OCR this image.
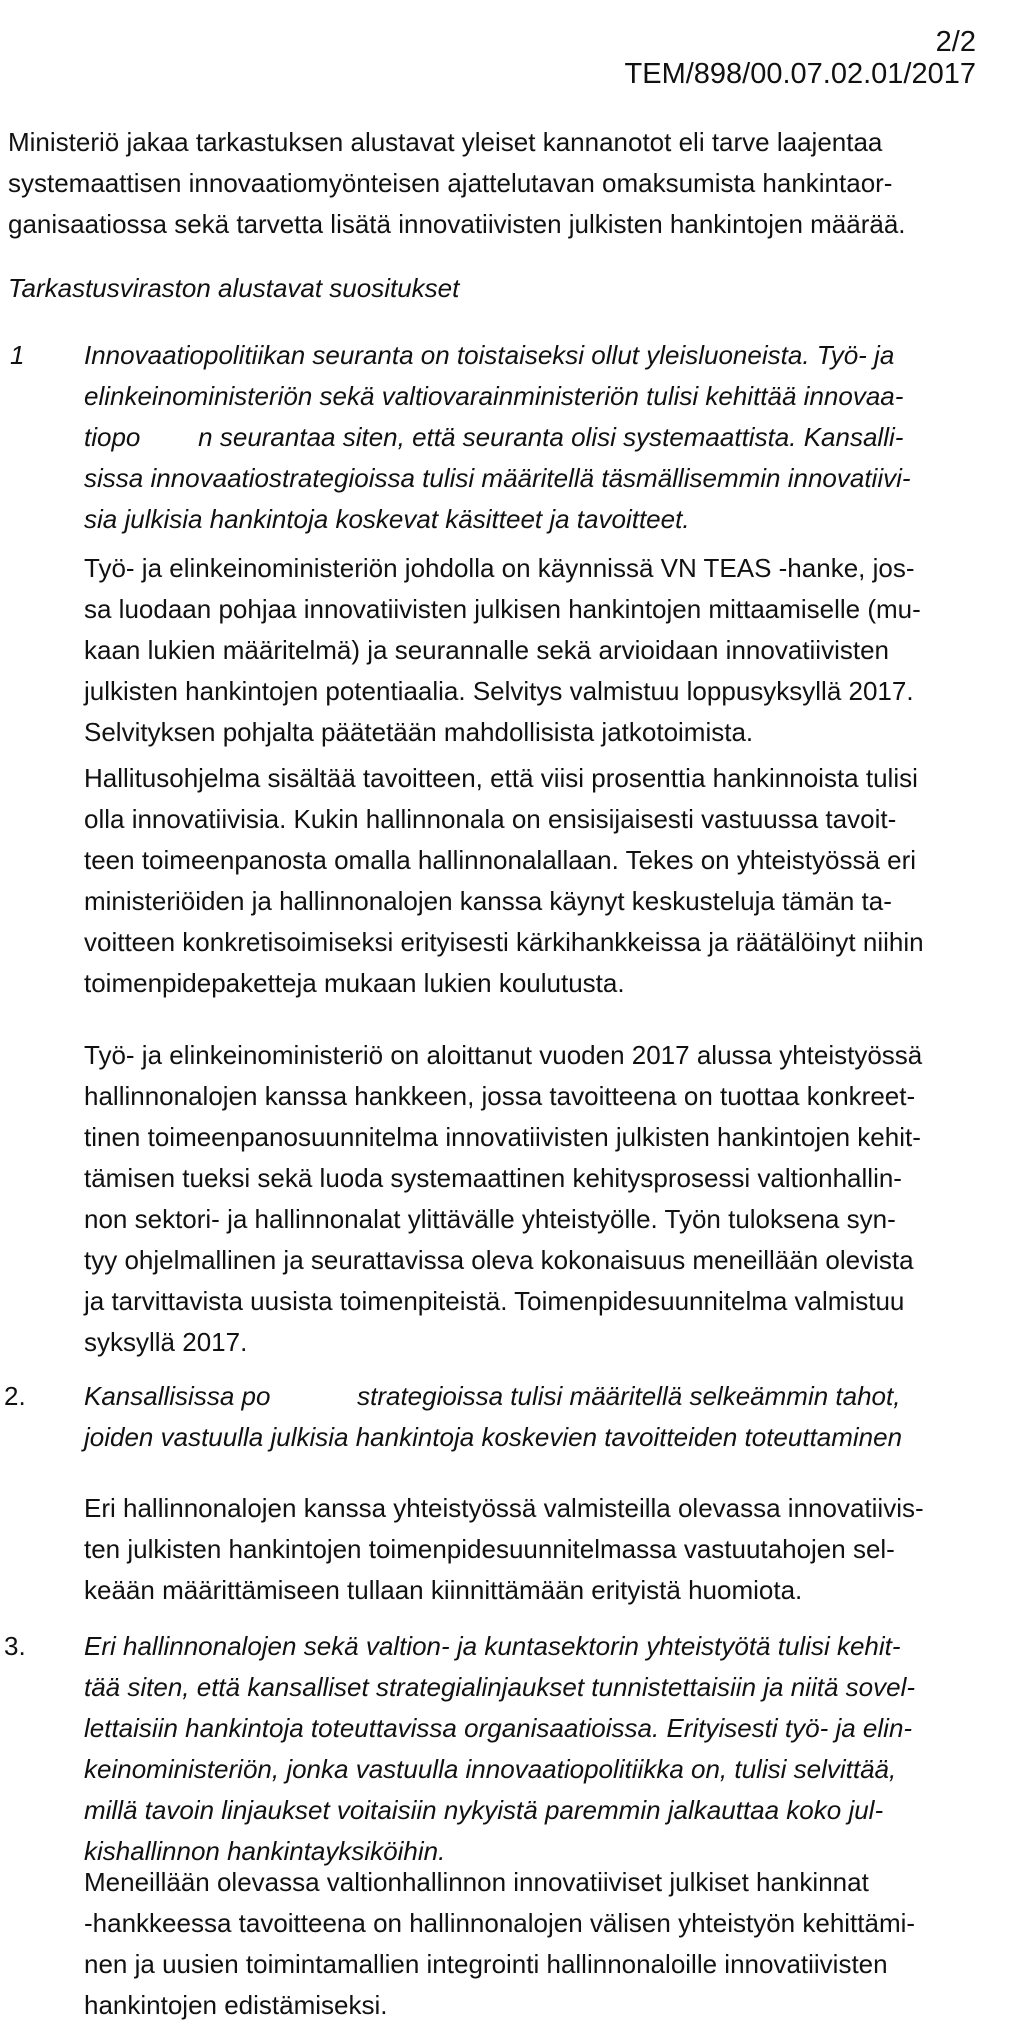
2/2
TEM/898/00.07.02.01/2017
Ministeriö jakaa tarkastuksen alustavat yleiset kannanotot eli tarve laajentaa
systemaattisen innovaatiomyönteisen ajattelutavan omaksumista hankintaor-
ganisaatiossa sekä tarvetta lisätä innovatiivisten julkisten hankintojen määrää.
Tarkastusviraston alustavat suositukset
1 Innovaatiopolitiikan seuranta on toistaiseksi ollut yleisluoneista. Työ- ja
elinkeinoministeriön sekä valtiovarainministeriön tulisi kehittää innovaa-
tiopo        n seurantaa siten, että seuranta olisi systemaattista. Kansalli-
sissa innovaatiostrategioissa tulisi määritellä täsmällisemmin innovatiivi-
sia julkisia hankintoja koskevat käsitteet ja tavoitteet.
Työ- ja elinkeinoministeriön johdolla on käynnissä VN TEAS -hanke, jos-
sa luodaan pohjaa innovatiivisten julkisen hankintojen mittaamiselle (mu-
kaan lukien määritelmä) ja seurannalle sekä arvioidaan innovatiivisten
julkisten hankintojen potentiaalia. Selvitys valmistuu loppusyksyllä 2017.
Selvityksen pohjalta päätetään mahdollisista jatkotoimista.
Hallitusohjelma sisältää tavoitteen, että viisi prosenttia hankinnoista tulisi
olla innovatiivisia. Kukin hallinnonala on ensisijaisesti vastuussa tavoit-
teen toimeenpanosta omalla hallinnonalallaan. Tekes on yhteistyössä eri
ministeriöiden ja hallinnonalojen kanssa käynyt keskusteluja tämän ta-
voitteen konkretisoimiseksi erityisesti kärkihankkeissa ja räätälöinyt niihin
toimenpidepaketteja mukaan lukien koulutusta.
Työ- ja elinkeinoministeriö on aloittanut vuoden 2017 alussa yhteistyössä
hallinnonalojen kanssa hankkeen, jossa tavoitteena on tuottaa konkreet-
tinen toimeenpanosuunnitelma innovatiivisten julkisten hankintojen kehit-
tämisen tueksi sekä luoda systemaattinen kehitysprosessi valtionhallin-
non sektori- ja hallinnonalat ylittävälle yhteistyölle. Työn tuloksena syn-
tyy ohjelmallinen ja seurattavissa oleva kokonaisuus meneillään olevista
ja tarvittavista uusista toimenpiteistä. Toimenpidesuunnitelma valmistuu
syksyllä 2017.
2. Kansallisissa po            strategioissa tulisi määritellä selkeämmin tahot,
joiden vastuulla julkisia hankintoja koskevien tavoitteiden toteuttaminen
Eri hallinnonalojen kanssa yhteistyössä valmisteilla olevassa innovatiivis-
ten julkisten hankintojen toimenpidesuunnitelmassa vastuutahojen sel-
keään määrittämiseen tullaan kiinnittämään erityistä huomiota.
3. Eri hallinnonalojen sekä valtion- ja kuntasektorin yhteistyötä tulisi kehit-
tää siten, että kansalliset strategialinjaukset tunnistettaisiin ja niitä sovel-
lettaisiin hankintoja toteuttavissa organisaatioissa. Erityisesti työ- ja elin-
keinoministeriön, jonka vastuulla innovaatiopolitiikka on, tulisi selvittää,
millä tavoin linjaukset voitaisiin nykyistä paremmin jalkauttaa koko jul-
kishallinnon hankintayksiköihin.
Meneillään olevassa valtionhallinnon innovatiiviset julkiset hankinnat
-hankkeessa tavoitteena on hallinnonalojen välisen yhteistyön kehittämi-
nen ja uusien toimintamallien integrointi hallinnonaloille innovatiivisten
hankintojen edistämiseksi.
